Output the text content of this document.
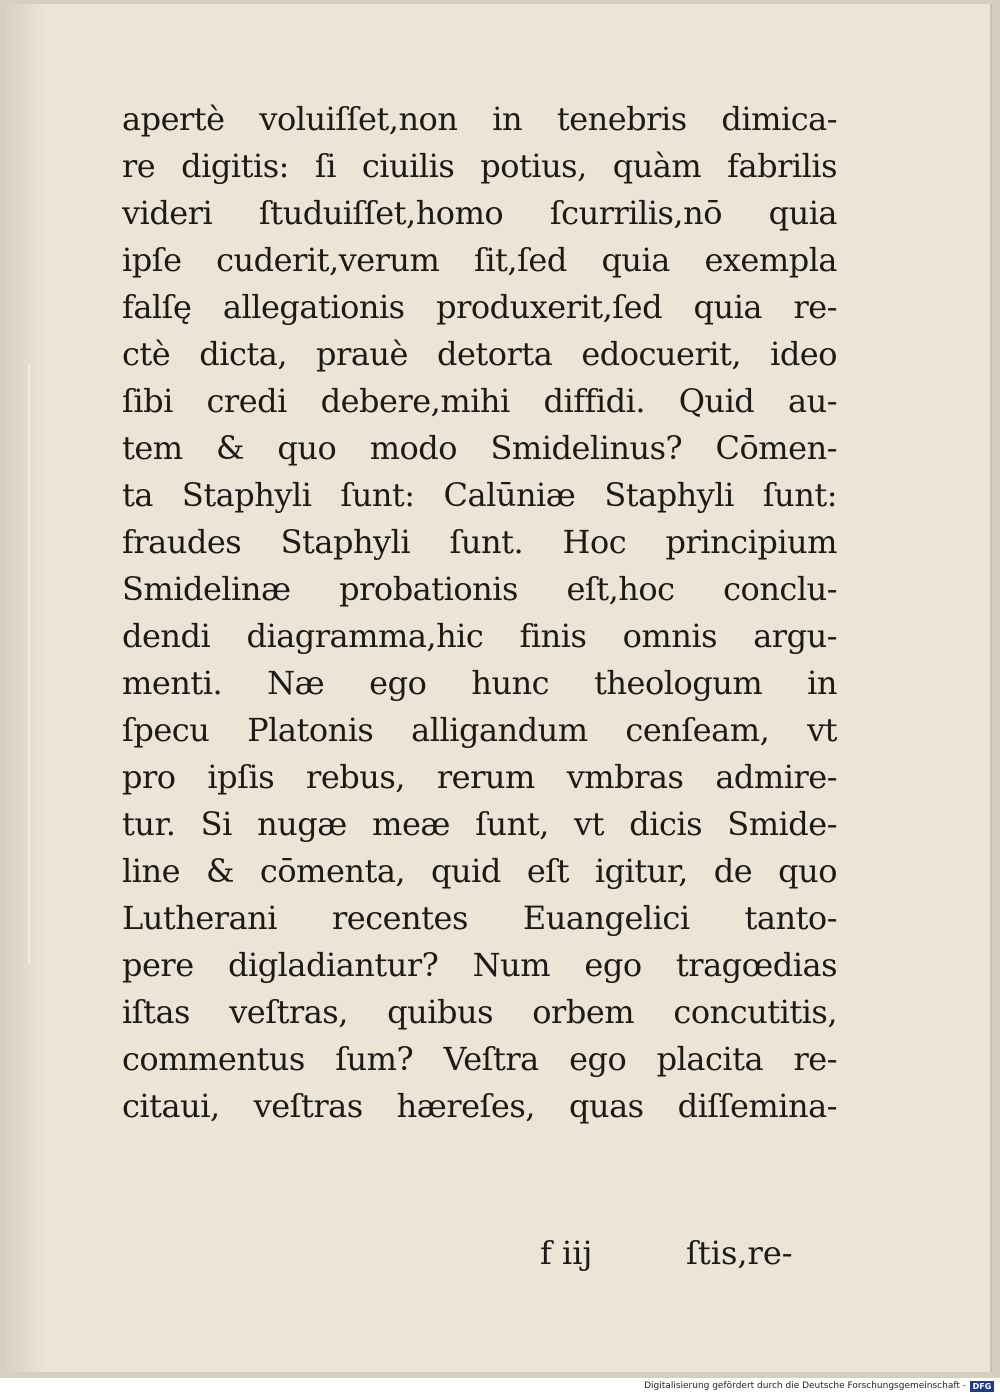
apertè voluiſſet,non in tenebris dimica-
re digitis: ſi ciuilis potius, quàm fabrilis
videri ſtuduiſſet,homo ſcurrilis,nō quia
ipſe cuderit,verum ſit,ſed quia exempla
falſę allegationis produxerit,ſed quia re-
ctè dicta, prauè detorta edocuerit, ideo
ſibi credi debere,mihi diffidi. Quid au-
tem & quo modo Smidelinus? Cōmen-
ta Staphyli ſunt: Calūniæ Staphyli ſunt:
fraudes Staphyli ſunt. Hoc principium
Smidelinæ probationis eſt,hoc conclu-
dendi diagramma,hic finis omnis argu-
menti. Næ ego hunc theologum in
ſpecu Platonis alligandum cenſeam, vt
pro ipſis rebus, rerum vmbras admire-
tur. Si nugæ meæ ſunt, vt dicis Smide-
line & cōmenta, quid eſt igitur, de quo
Lutherani recentes Euangelici tanto-
pere digladiantur? Num ego tragœdias
iſtas veſtras, quibus orbem concutitis,
commentus ſum? Veſtra ego placita re-
citaui, veſtras hæreſes, quas diſſemina-
f iij	ſtis,re-
Digitalisierung gefördert durch die Deutsche Forschungsgemeinschaft - DFG
